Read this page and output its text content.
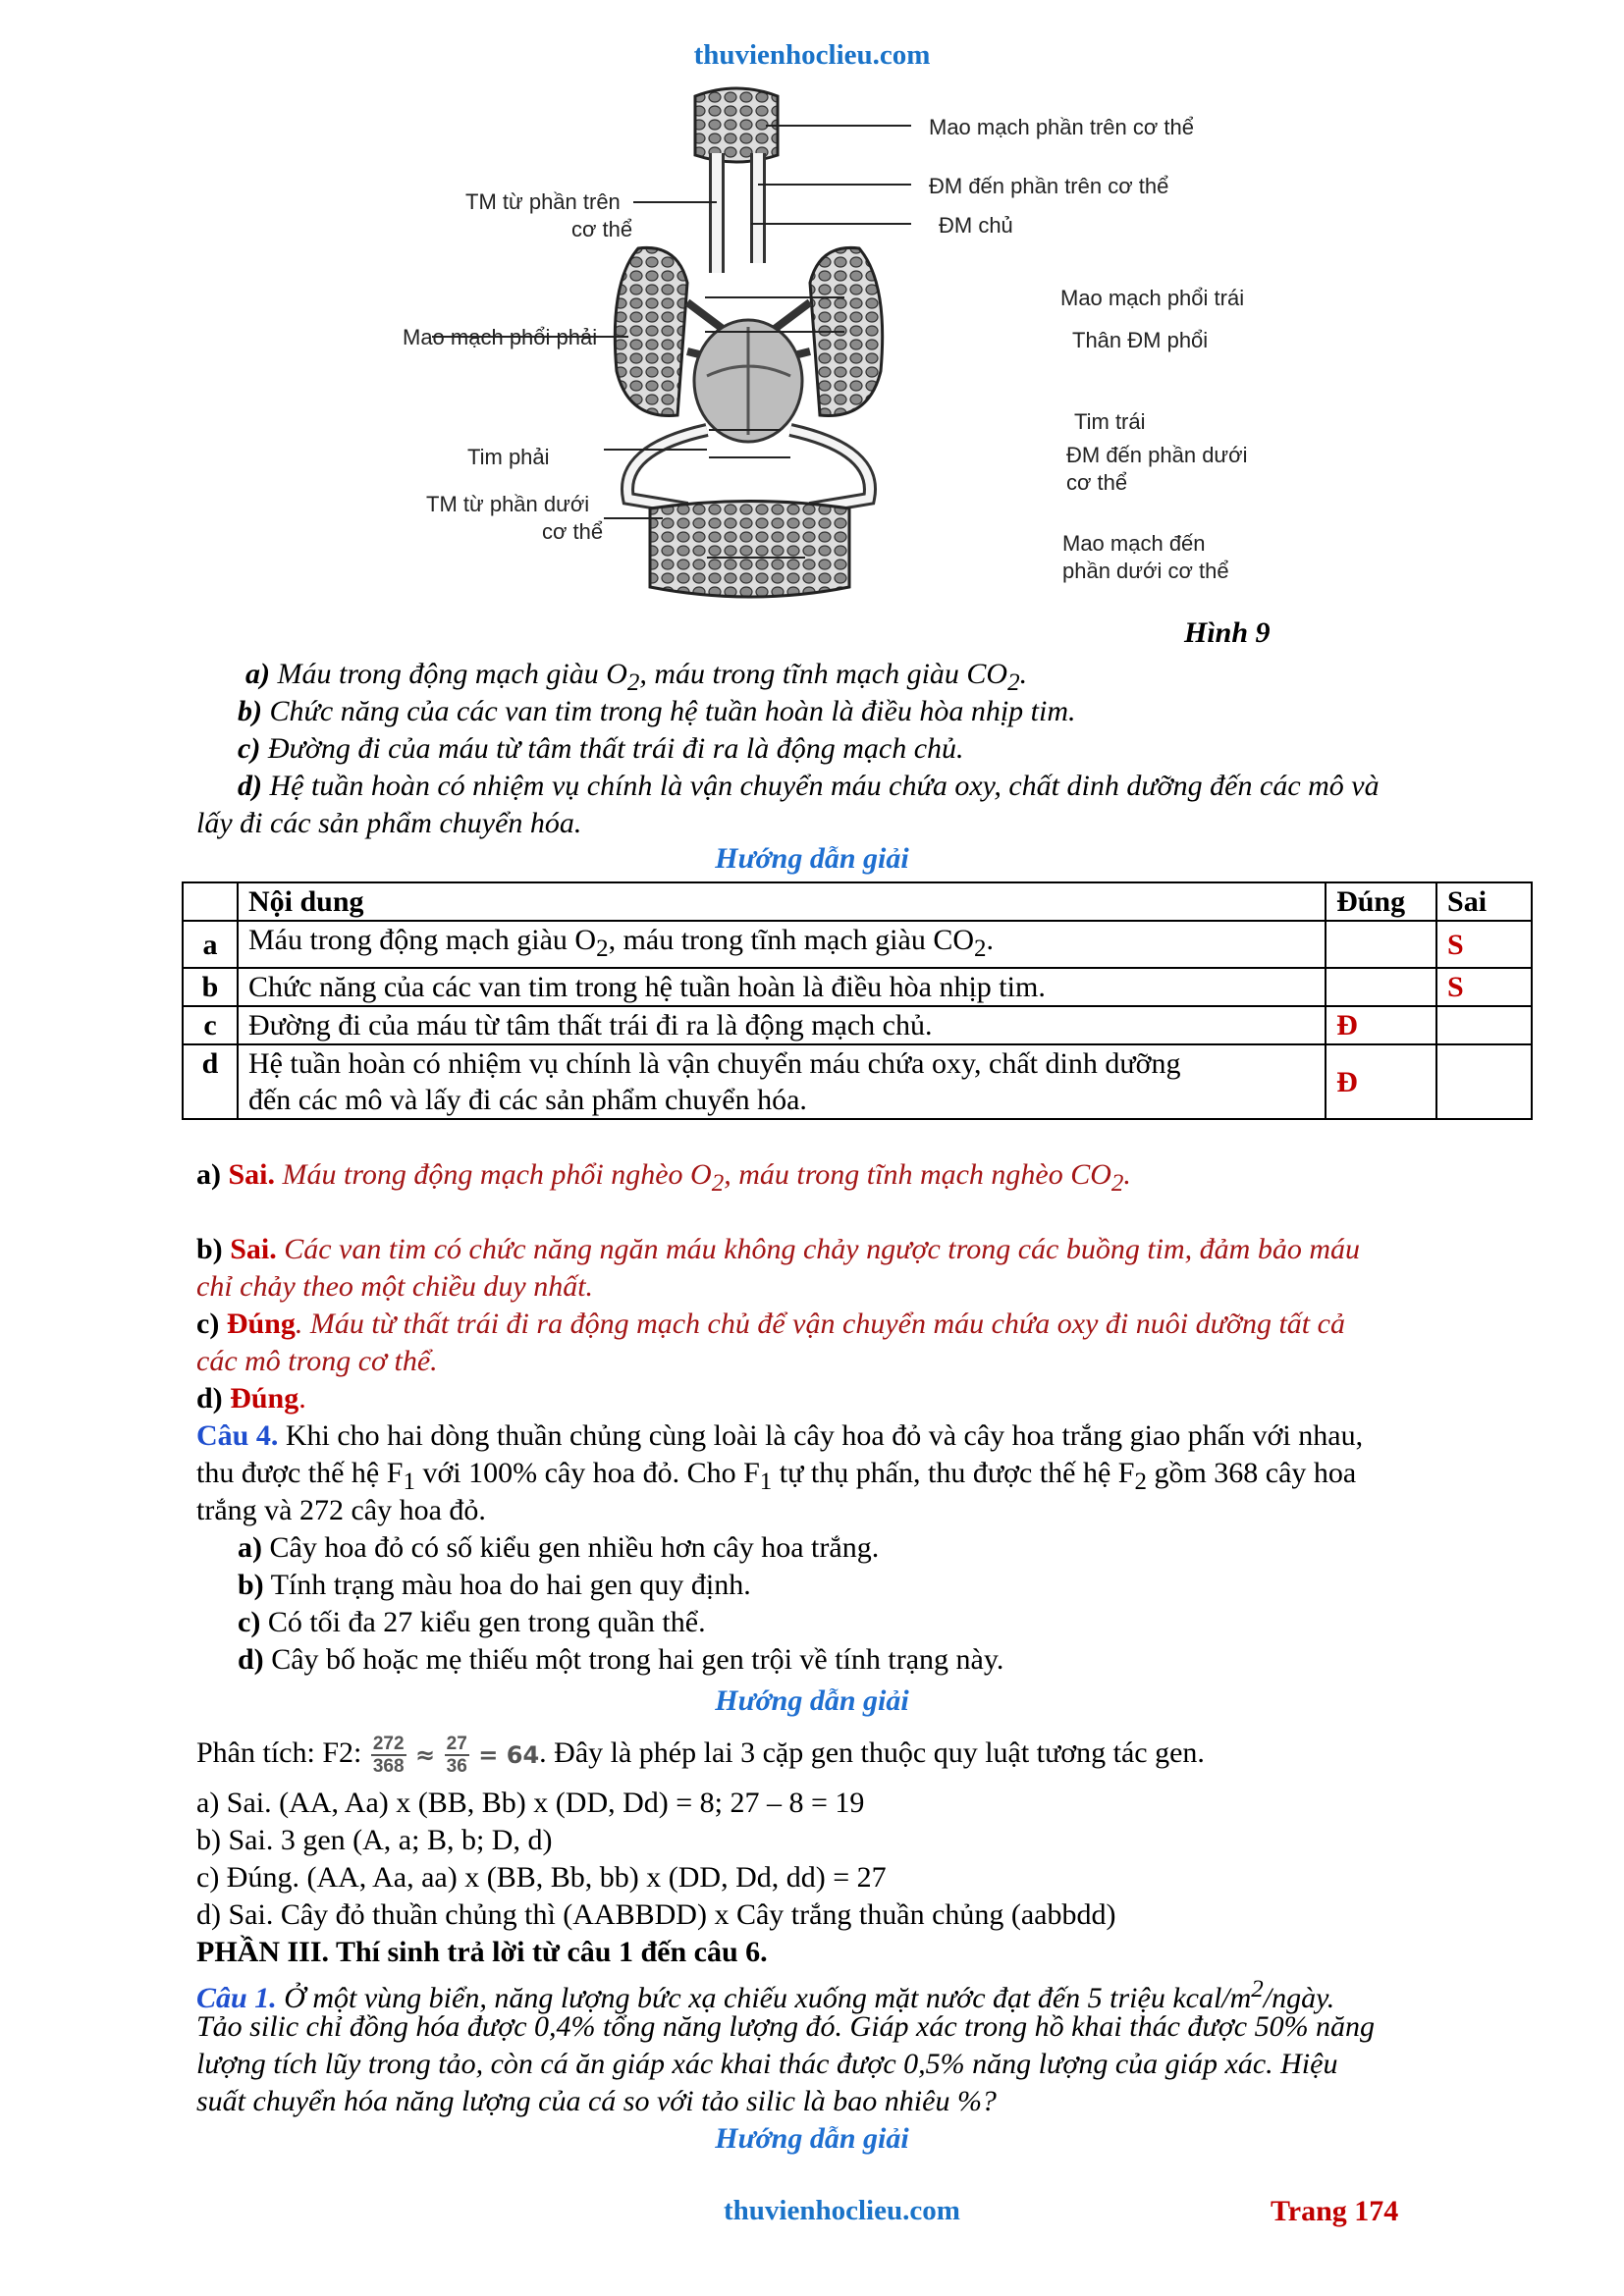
thuvienhoclieu.com
Mao mạch phần trên cơ thể
ĐM đến phần trên cơ thể
ĐM chủ
TM từ phần trên
cơ thể
Mao mạch phổi trái
Thân ĐM phổi
Mao mạch phổi phải
Tim trái
ĐM đến phần dưới
cơ thể
Tim phải
TM từ phần dưới
cơ thể	Mao mạch đến
phần dưới cơ thể
Hình 9
a) Máu trong động mạch giàu $O_2$, máu trong tĩnh mạch giàu $CO_2$.
b) Chức năng của các van tim trong hệ tuần hoàn là điều hòa nhịp tim.
c) Đường đi của máu từ tâm thất trái đi ra là động mạch chủ.
d) Hệ tuần hoàn có nhiệm vụ chính là vận chuyển máu chứa oxy, chất dinh dưỡng đến các mô và
lấy đi các sản phẩm chuyển hóa.
Hướng dẫn giải
	Nội dung	Đúng	Sai
a	Máu trong động mạch giàu $O_2$, máu trong tĩnh mạch giàu $CO_2$.		S
b	Chức năng của các van tim trong hệ tuần hoàn là điều hòa nhịp tim.		S
c	Đường đi của máu từ tâm thất trái đi ra là động mạch chủ.	Đ	
d	Hệ tuần hoàn có nhiệm vụ chính là vận chuyển máu chứa oxy, chất dinh dưỡng
đến các mô và lấy đi các sản phẩm chuyển hóa.	Đ	
a) Sai. Máu trong động mạch phổi nghèo $O_2$, máu trong tĩnh mạch nghèo $CO_2$.
b) Sai. Các van tim có chức năng ngăn máu không chảy ngược trong các buồng tim, đảm bảo máu
chỉ chảy theo một chiều duy nhất.
c) Đúng. Máu từ thất trái đi ra động mạch chủ để vận chuyển máu chứa oxy đi nuôi dưỡng tất cả
các mô trong cơ thể.
d) Đúng.
Câu 4. Khi cho hai dòng thuần chủng cùng loài là cây hoa đỏ và cây hoa trắng giao phấn với nhau,
thu được thế hệ $F_1$ với 100% cây hoa đỏ. Cho $F_1$ tự thụ phấn, thu được thế hệ $F_2$ gồm 368 cây hoa
trắng và 272 cây hoa đỏ.
a) Cây hoa đỏ có số kiểu gen nhiều hơn cây hoa trắng.
b) Tính trạng màu hoa do hai gen quy định.
c) Có tối đa 27 kiểu gen trong quần thể.
d) Cây bố hoặc mẹ thiếu một trong hai gen trội về tính trạng này.
Hướng dẫn giải
Phân tích: F2: $\frac{272}{368} \approx \frac{27}{36} = 64$. Đây là phép lai 3 cặp gen thuộc quy luật tương tác gen.
a) Sai. (AA, Aa) x (BB, Bb) x (DD, Dd) = 8; 27 – 8 = 19
b) Sai. 3 gen (A, a; B, b; D, d)
c) Đúng. (AA, Aa, aa) x (BB, Bb, bb) x (DD, Dd, dd) = 27
d) Sai. Cây đỏ thuần chủng thì (AABBDD) x Cây trắng thuần chủng (aabbdd)
PHẦN III. Thí sinh trả lời từ câu 1 đến câu 6.
Câu 1. Ở một vùng biển, năng lượng bức xạ chiếu xuống mặt nước đạt đến 5 triệu kcal/$m^2$/ngày.
Tảo silic chỉ đồng hóa được 0,4% tổng năng lượng đó. Giáp xác trong hồ khai thác được 50% năng
lượng tích lũy trong tảo, còn cá ăn giáp xác khai thác được 0,5% năng lượng của giáp xác. Hiệu
suất chuyển hóa năng lượng của cá so với tảo silic là bao nhiêu %?
Hướng dẫn giải
thuvienhoclieu.com	Trang 174
